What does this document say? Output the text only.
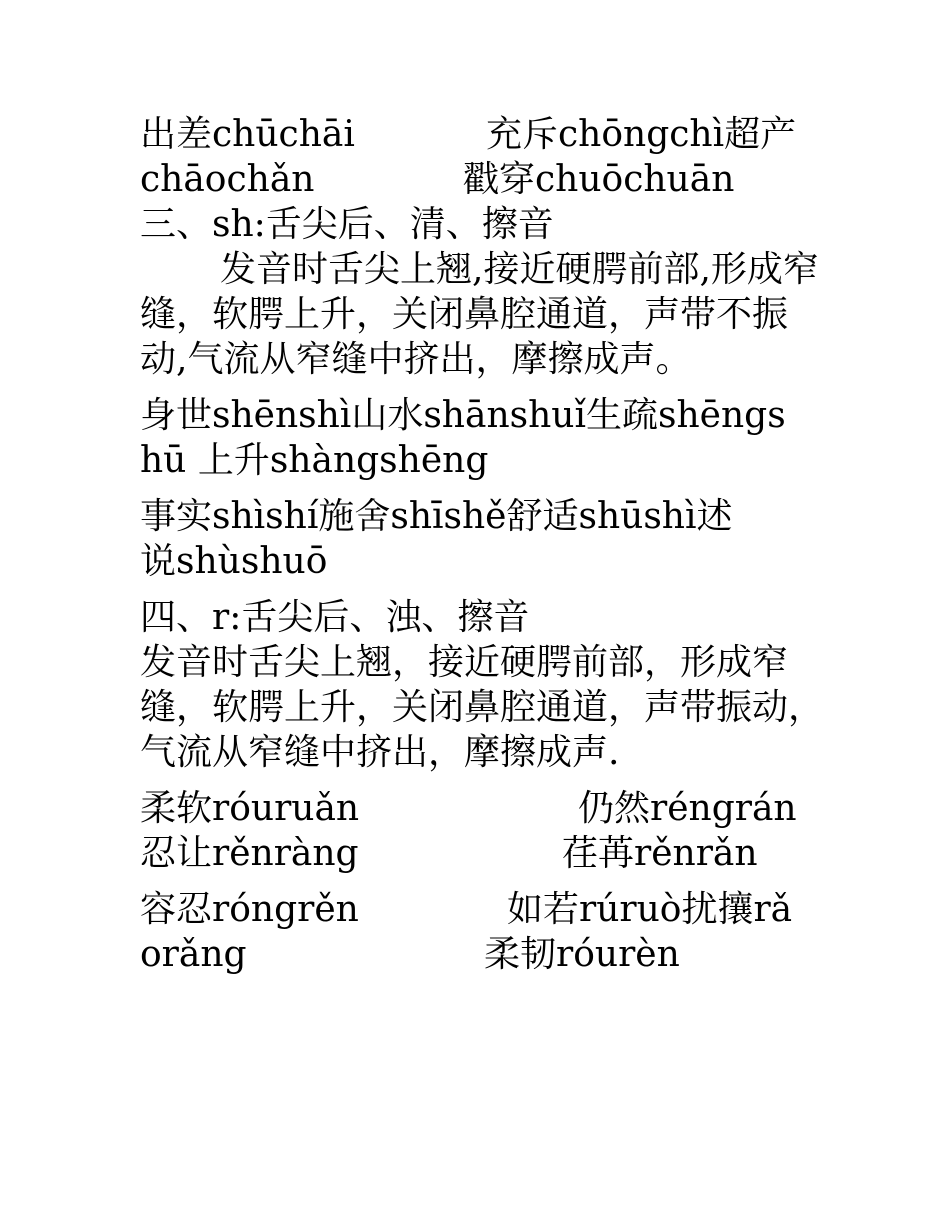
出差chūchāi	充斥chōngchì超产
chāochǎn	戳穿chuōchuān
三、sh:舌尖后、清、擦音
发音时舌尖上翘,接近硬腭前部,形成窄缝，软腭上升，关闭鼻腔通道，声带不振动,气流从窄缝中挤出，摩擦成声。
身世shēnshì山水shānshuǐ生疏shēngs
hū 上升shàngshēng
事实shìshí施舍shīshě舒适shūshì述
说shùshuō
四、r:舌尖后、浊、擦音
发音时舌尖上翘，接近硬腭前部，形成窄缝，软腭上升，关闭鼻腔通道，声带振动，气流从窄缝中挤出，摩擦成声.
柔软róuruǎn	仍然réngrán
忍让rěnràng	荏苒rěnrǎn
容忍róngrěn	如若rúruò扰攘rǎ
orǎng	柔韧róurèn
